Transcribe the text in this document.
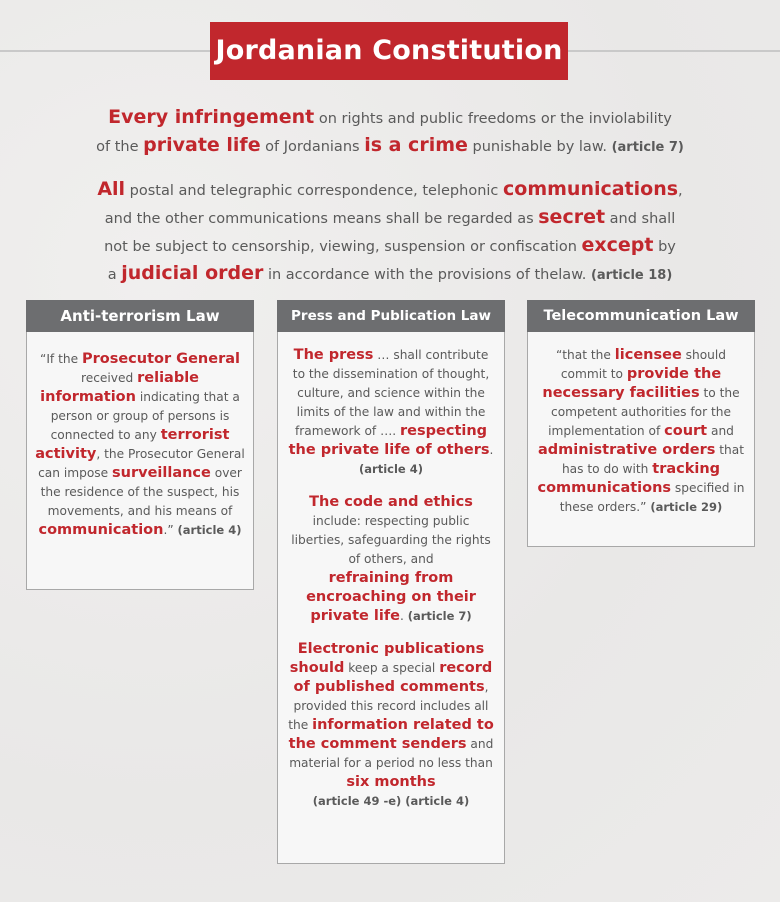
Jordanian Constitution
Every infringement on rights and public freedoms or the inviolability
of the private life of Jordanians is a crime punishable by law. (article 7)
All postal and telegraphic correspondence, telephonic communications,
and the other communications means shall be regarded as secret and shall
not be subject to censorship, viewing, suspension or confiscation except by
a judicial order in accordance with the provisions of thelaw. (article 18)
Anti-terrorism Law
“If the Prosecutor General received reliable information indicating that a person or group of persons is connected to any terrorist activity, the Prosecutor General can impose surveillance over the residence of the suspect, his movements, and his means of communication.” (article 4)
Press and Publication Law
The press … shall contribute to the dissemination of thought, culture, and science within the limits of the law and within the framework of …. respecting the private life of others. (article 4)
The code and ethics
include: respecting public liberties, safeguarding the rights of others, and
refraining from encroaching on their private life. (article 7)
Electronic publications should keep a special record of published comments, provided this record includes all the information related to the comment senders and material for a period no less than six months
(article 49 -e) (article 4)
Telecommunication Law
“that the licensee should commit to provide the necessary facilities to the competent authorities for the implementation of court and administrative orders that has to do with tracking communications specified in these orders.” (article 29)
